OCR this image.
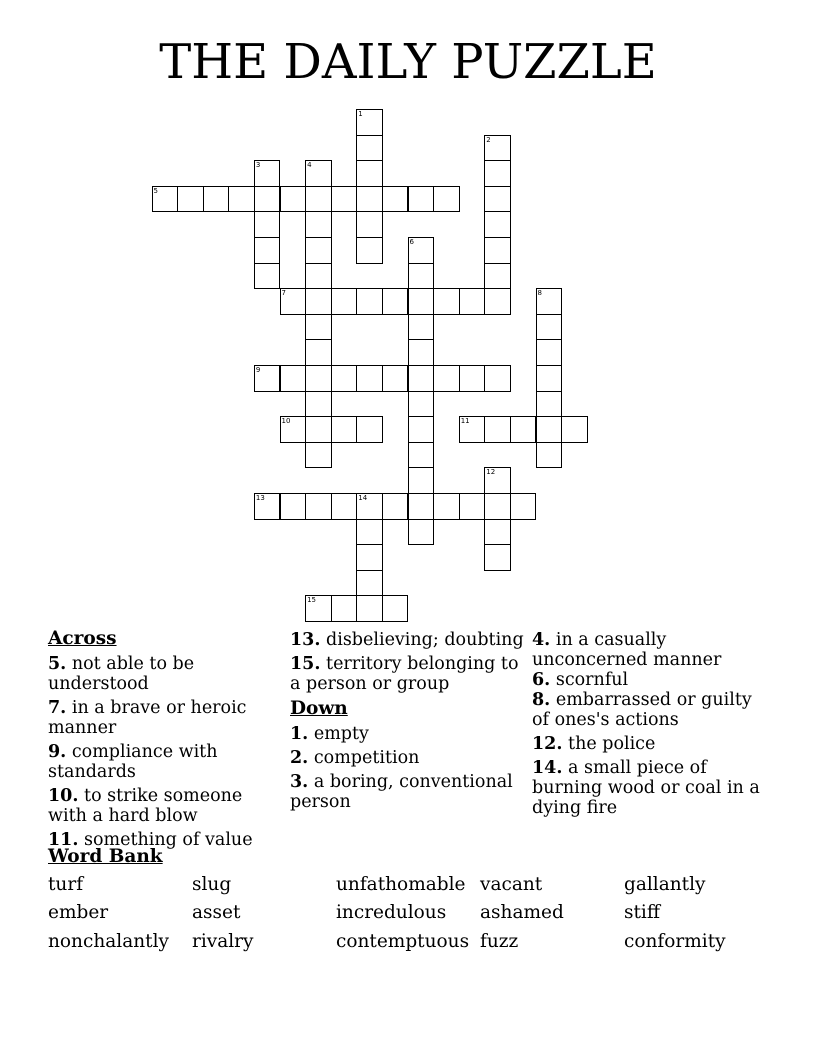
THE DAILY PUZZLE
1
2
3	4
5
6
7	8
9
10	11
12
13	14
15
Across
5. not able to be understood
7. in a brave or heroic manner
9. compliance with standards
10. to strike someone with a hard blow
11. something of value
13. disbelieving; doubting
15. territory belonging to a person or group
Down
1. empty
2. competition
3. a boring, conventional person
4. in a casually unconcerned manner
6. scornful
8. embarrassed or guilty of ones's actions
12. the police
14. a small piece of burning wood or coal in a dying fire
Word Bank
turf	slug	unfathomable vacant	gallantly
ember	asset	incredulous ashamed	stiff
nonchalantly rivalry	contemptuous fuzz	conformity
